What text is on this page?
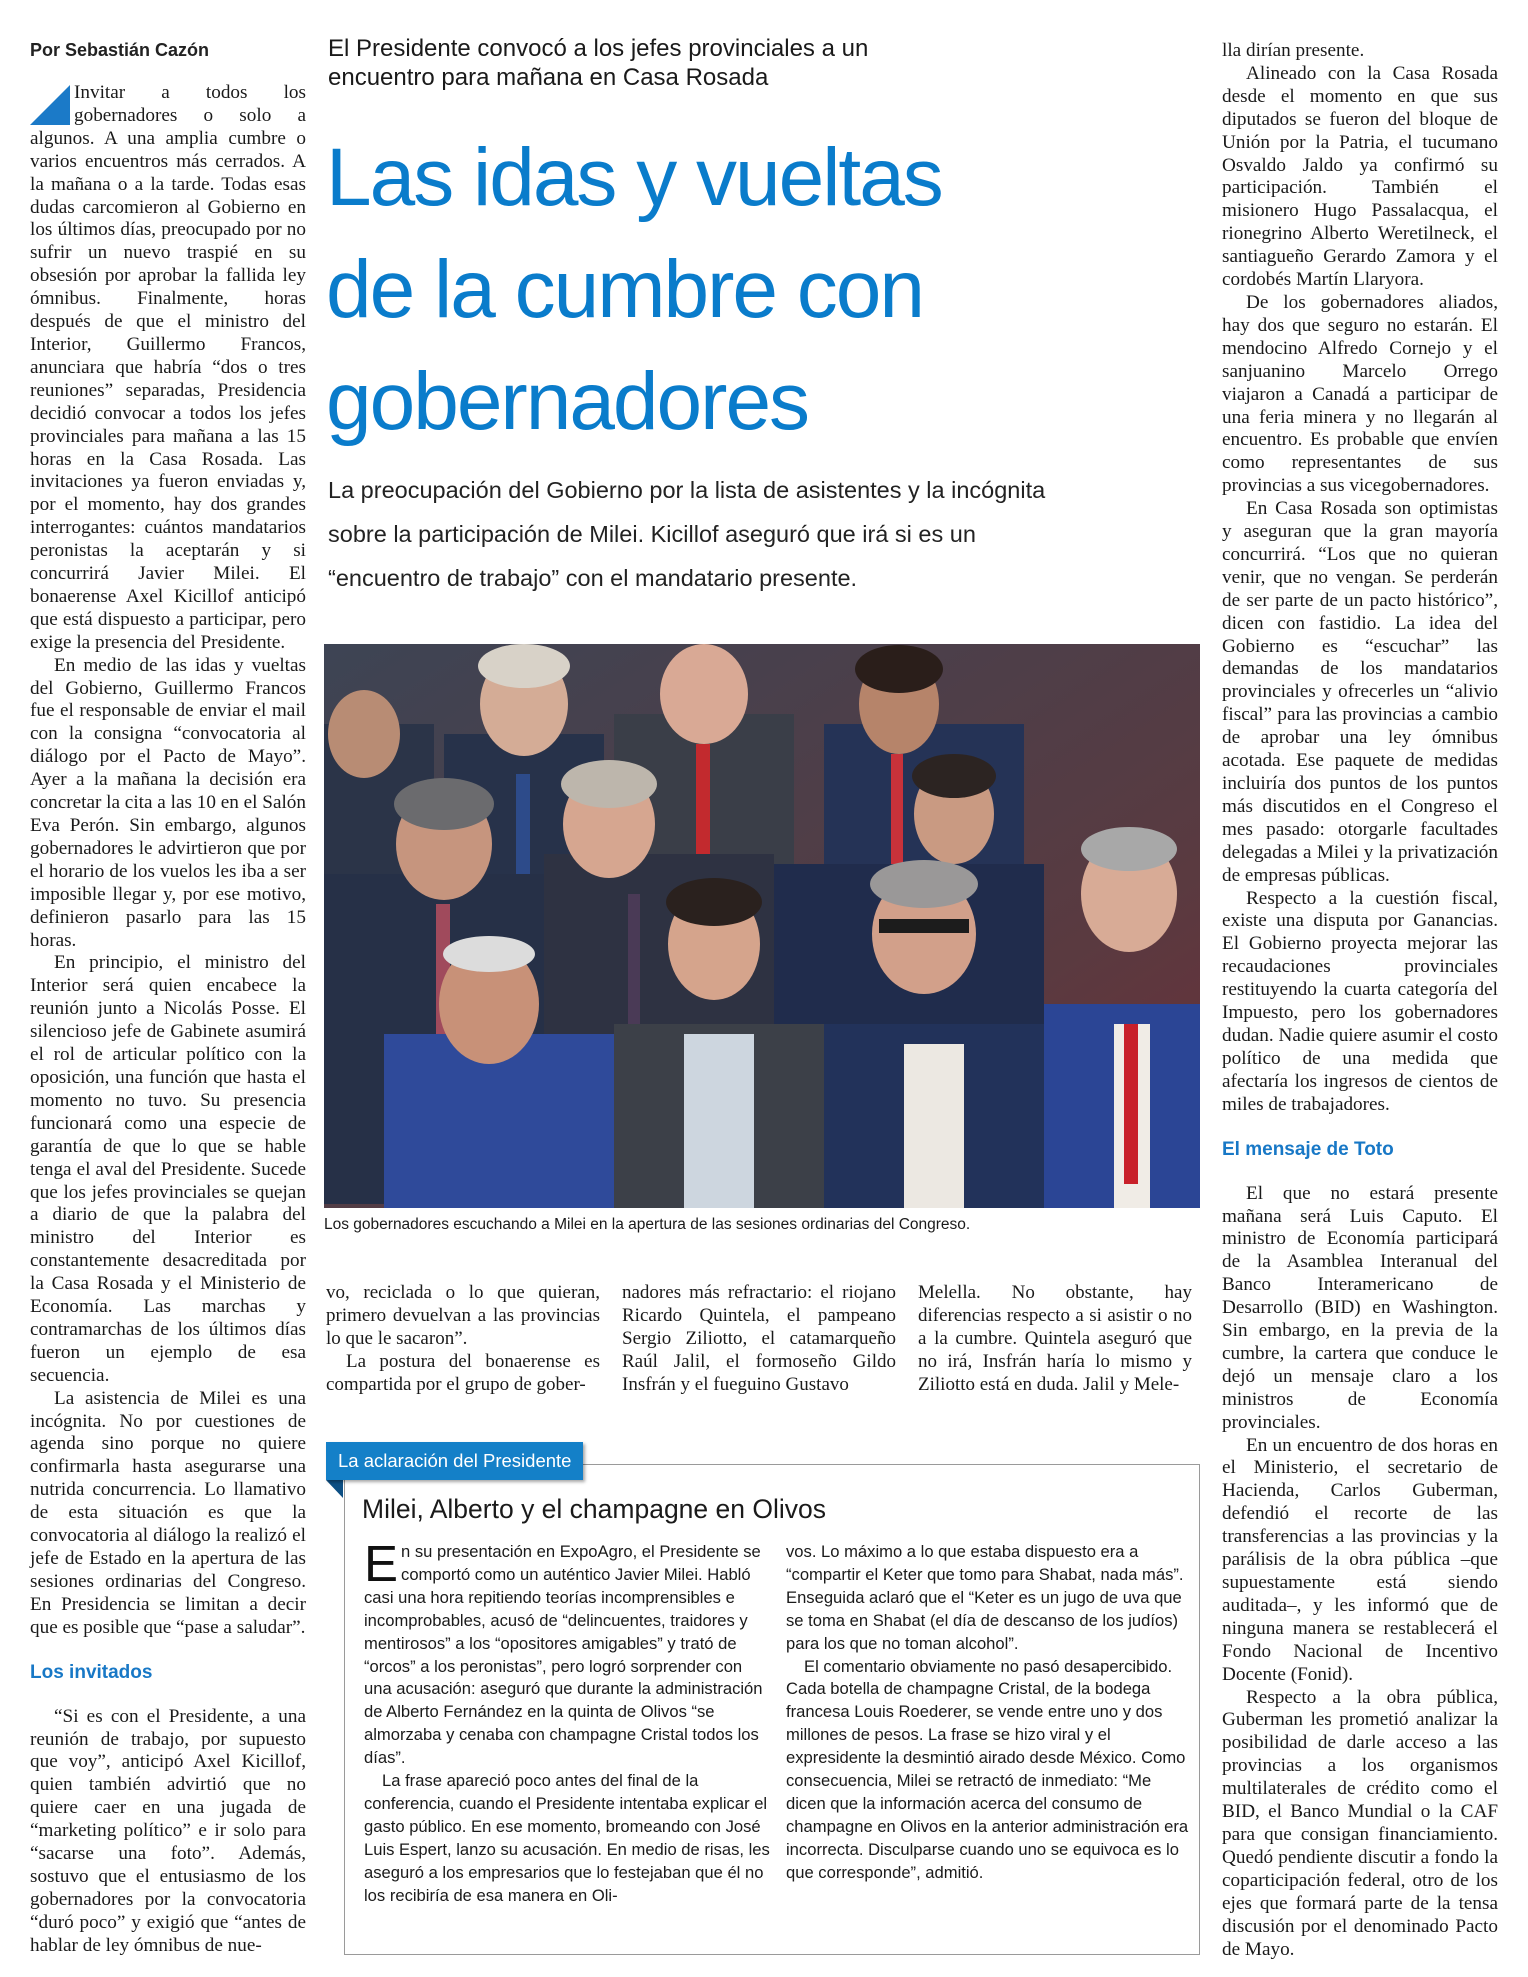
Por Sebastián Cazón

Invitar a todos los gobernadores o solo a algunos. A una amplia cumbre o varios encuentros más cerrados. A la mañana o a la tarde. Todas esas dudas carcomieron al Gobierno en los últimos días, preocupado por no sufrir un nuevo traspié en su obsesión por aprobar la fallida ley ómnibus. Finalmente, horas después de que el ministro del Interior, Guillermo Francos, anunciara que habría “dos o tres reuniones” separadas, Presidencia decidió convocar a todos los jefes provinciales para mañana a las 15 horas en la Casa Rosada. Las invitaciones ya fueron enviadas y, por el momento, hay dos grandes interrogantes: cuántos mandatarios peronistas la aceptarán y si concurrirá Javier Milei. El bonaerense Axel Kicillof anticipó que está dispuesto a participar, pero exige la presencia del Presidente.

En medio de las idas y vueltas del Gobierno, Guillermo Francos fue el responsable de enviar el mail con la consigna “convocatoria al diálogo por el Pacto de Mayo”. Ayer a la mañana la decisión era concretar la cita a las 10 en el Salón Eva Perón. Sin embargo, algunos gobernadores le advirtieron que por el horario de los vuelos les iba a ser imposible llegar y, por ese motivo, definieron pasarlo para las 15 horas.

En principio, el ministro del Interior será quien encabece la reunión junto a Nicolás Posse. El silencioso jefe de Gabinete asumirá el rol de articular político con la oposición, una función que hasta el momento no tuvo. Su presencia funcionará como una especie de garantía de que lo que se hable tenga el aval del Presidente. Sucede que los jefes provinciales se quejan a diario de que la palabra del ministro del Interior es constantemente desacreditada por la Casa Rosada y el Ministerio de Economía. Las marchas y contramarchas de los últimos días fueron un ejemplo de esa secuencia.

La asistencia de Milei es una incógnita. No por cuestiones de agenda sino porque no quiere confirmarla hasta asegurarse una nutrida concurrencia. Lo llamativo de esta situación es que la convocatoria al diálogo la realizó el jefe de Estado en la apertura de las sesiones ordinarias del Congreso. En Presidencia se limitan a decir que es posible que “pase a saludar”.

Los invitados

“Si es con el Presidente, a una reunión de trabajo, por supuesto que voy”, anticipó Axel Kicillof, quien también advirtió que no quiere caer en una jugada de “marketing político” e ir solo para “sacarse una foto”. Además, sostuvo que el entusiasmo de los gobernadores por la convocatoria “duró poco” y exigió que “antes de hablar de ley ómnibus de nue-

El Presidente convocó a los jefes provinciales a un encuentro para mañana en Casa Rosada
Las idas y vueltas
de la cumbre con
gobernadores
La preocupación del Gobierno por la lista de asistentes y la incógnita
sobre la participación de Milei. Kicillof aseguró que irá si es un
“encuentro de trabajo” con el mandatario presente.
Los gobernadores escuchando a Milei en la apertura de las sesiones ordinarias del Congreso.

vo, reciclada o lo que quieran, primero devuelvan a las provincias lo que le sacaron”.

La postura del bonaerense es compartida por el grupo de gober-

nadores más refractario: el riojano Ricardo Quintela, el pampeano Sergio Ziliotto, el catamarqueño Raúl Jalil, el formoseño Gildo Insfrán y el fueguino Gustavo

Melella. No obstante, hay diferencias respecto a si asistir o no a la cumbre. Quintela aseguró que no irá, Insfrán haría lo mismo y Ziliotto está en duda. Jalil y Mele-

La aclaración del Presidente
Milei, Alberto y el champagne en Olivos

En su presentación en ExpoAgro, el Presidente se comportó como un auténtico Javier Milei. Habló casi una hora repitiendo teorías incomprensibles e incomprobables, acusó de “delincuentes, traidores y mentirosos” a los “opositores amigables” y trató de “orcos” a los peronistas”, pero logró sorprender con una acusación: aseguró que durante la administración de Alberto Fernández en la quinta de Olivos “se almorzaba y cenaba con champagne Cristal todos los días”.

La frase apareció poco antes del final de la conferencia, cuando el Presidente intentaba explicar el gasto público. En ese momento, bromeando con José Luis Espert, lanzo su acusación. En medio de risas, les aseguró a los empresarios que lo festejaban que él no los recibiría de esa manera en Oli-

vos. Lo máximo a lo que estaba dispuesto era a “compartir el Keter que tomo para Shabat, nada más”. Enseguida aclaró que el “Keter es un jugo de uva que se toma en Shabat (el día de descanso de los judíos) para los que no toman alcohol”.

El comentario obviamente no pasó desapercibido. Cada botella de champagne Cristal, de la bodega francesa Louis Roederer, se vende entre uno y dos millones de pesos. La frase se hizo viral y el expresidente la desmintió airado desde México. Como consecuencia, Milei se retractó de inmediato: “Me dicen que la información acerca del consumo de champagne en Olivos en la anterior administración era incorrecta. Disculparse cuando uno se equivoca es lo que corresponde”, admitió.

lla dirían presente.

Alineado con la Casa Rosada desde el momento en que sus diputados se fueron del bloque de Unión por la Patria, el tucumano Osvaldo Jaldo ya confirmó su participación. También el misionero Hugo Passalacqua, el rionegrino Alberto Weretilneck, el santiagueño Gerardo Zamora y el cordobés Martín Llaryora.

De los gobernadores aliados, hay dos que seguro no estarán. El mendocino Alfredo Cornejo y el sanjuanino Marcelo Orrego viajaron a Canadá a participar de una feria minera y no llegarán al encuentro. Es probable que envíen como representantes de sus provincias a sus vicegobernadores.

En Casa Rosada son optimistas y aseguran que la gran mayoría concurrirá. “Los que no quieran venir, que no vengan. Se perderán de ser parte de un pacto histórico”, dicen con fastidio. La idea del Gobierno es “escuchar” las demandas de los mandatarios provinciales y ofrecerles un “alivio fiscal” para las provincias a cambio de aprobar una ley ómnibus acotada. Ese paquete de medidas incluiría dos puntos de los puntos más discutidos en el Congreso el mes pasado: otorgarle facultades delegadas a Milei y la privatización de empresas públicas.

Respecto a la cuestión fiscal, existe una disputa por Ganancias. El Gobierno proyecta mejorar las recaudaciones provinciales restituyendo la cuarta categoría del Impuesto, pero los gobernadores dudan. Nadie quiere asumir el costo político de una medida que afectaría los ingresos de cientos de miles de trabajadores.

El mensaje de Toto

El que no estará presente mañana será Luis Caputo. El ministro de Economía participará de la Asamblea Interanual del Banco Interamericano de Desarrollo (BID) en Washington. Sin embargo, en la previa de la cumbre, la cartera que conduce le dejó un mensaje claro a los ministros de Economía provinciales.

En un encuentro de dos horas en el Ministerio, el secretario de Hacienda, Carlos Guberman, defendió el recorte de las transferencias a las provincias y la parálisis de la obra pública –que supuestamente está siendo auditada–, y les informó que de ninguna manera se restablecerá el Fondo Nacional de Incentivo Docente (Fonid).

Respecto a la obra pública, Guberman les prometió analizar la posibilidad de darle acceso a las provincias a los organismos multilaterales de crédito como el BID, el Banco Mundial o la CAF para que consigan financiamiento. Quedó pendiente discutir a fondo la coparticipación federal, otro de los ejes que formará parte de la tensa discusión por el denominado Pacto de Mayo.
